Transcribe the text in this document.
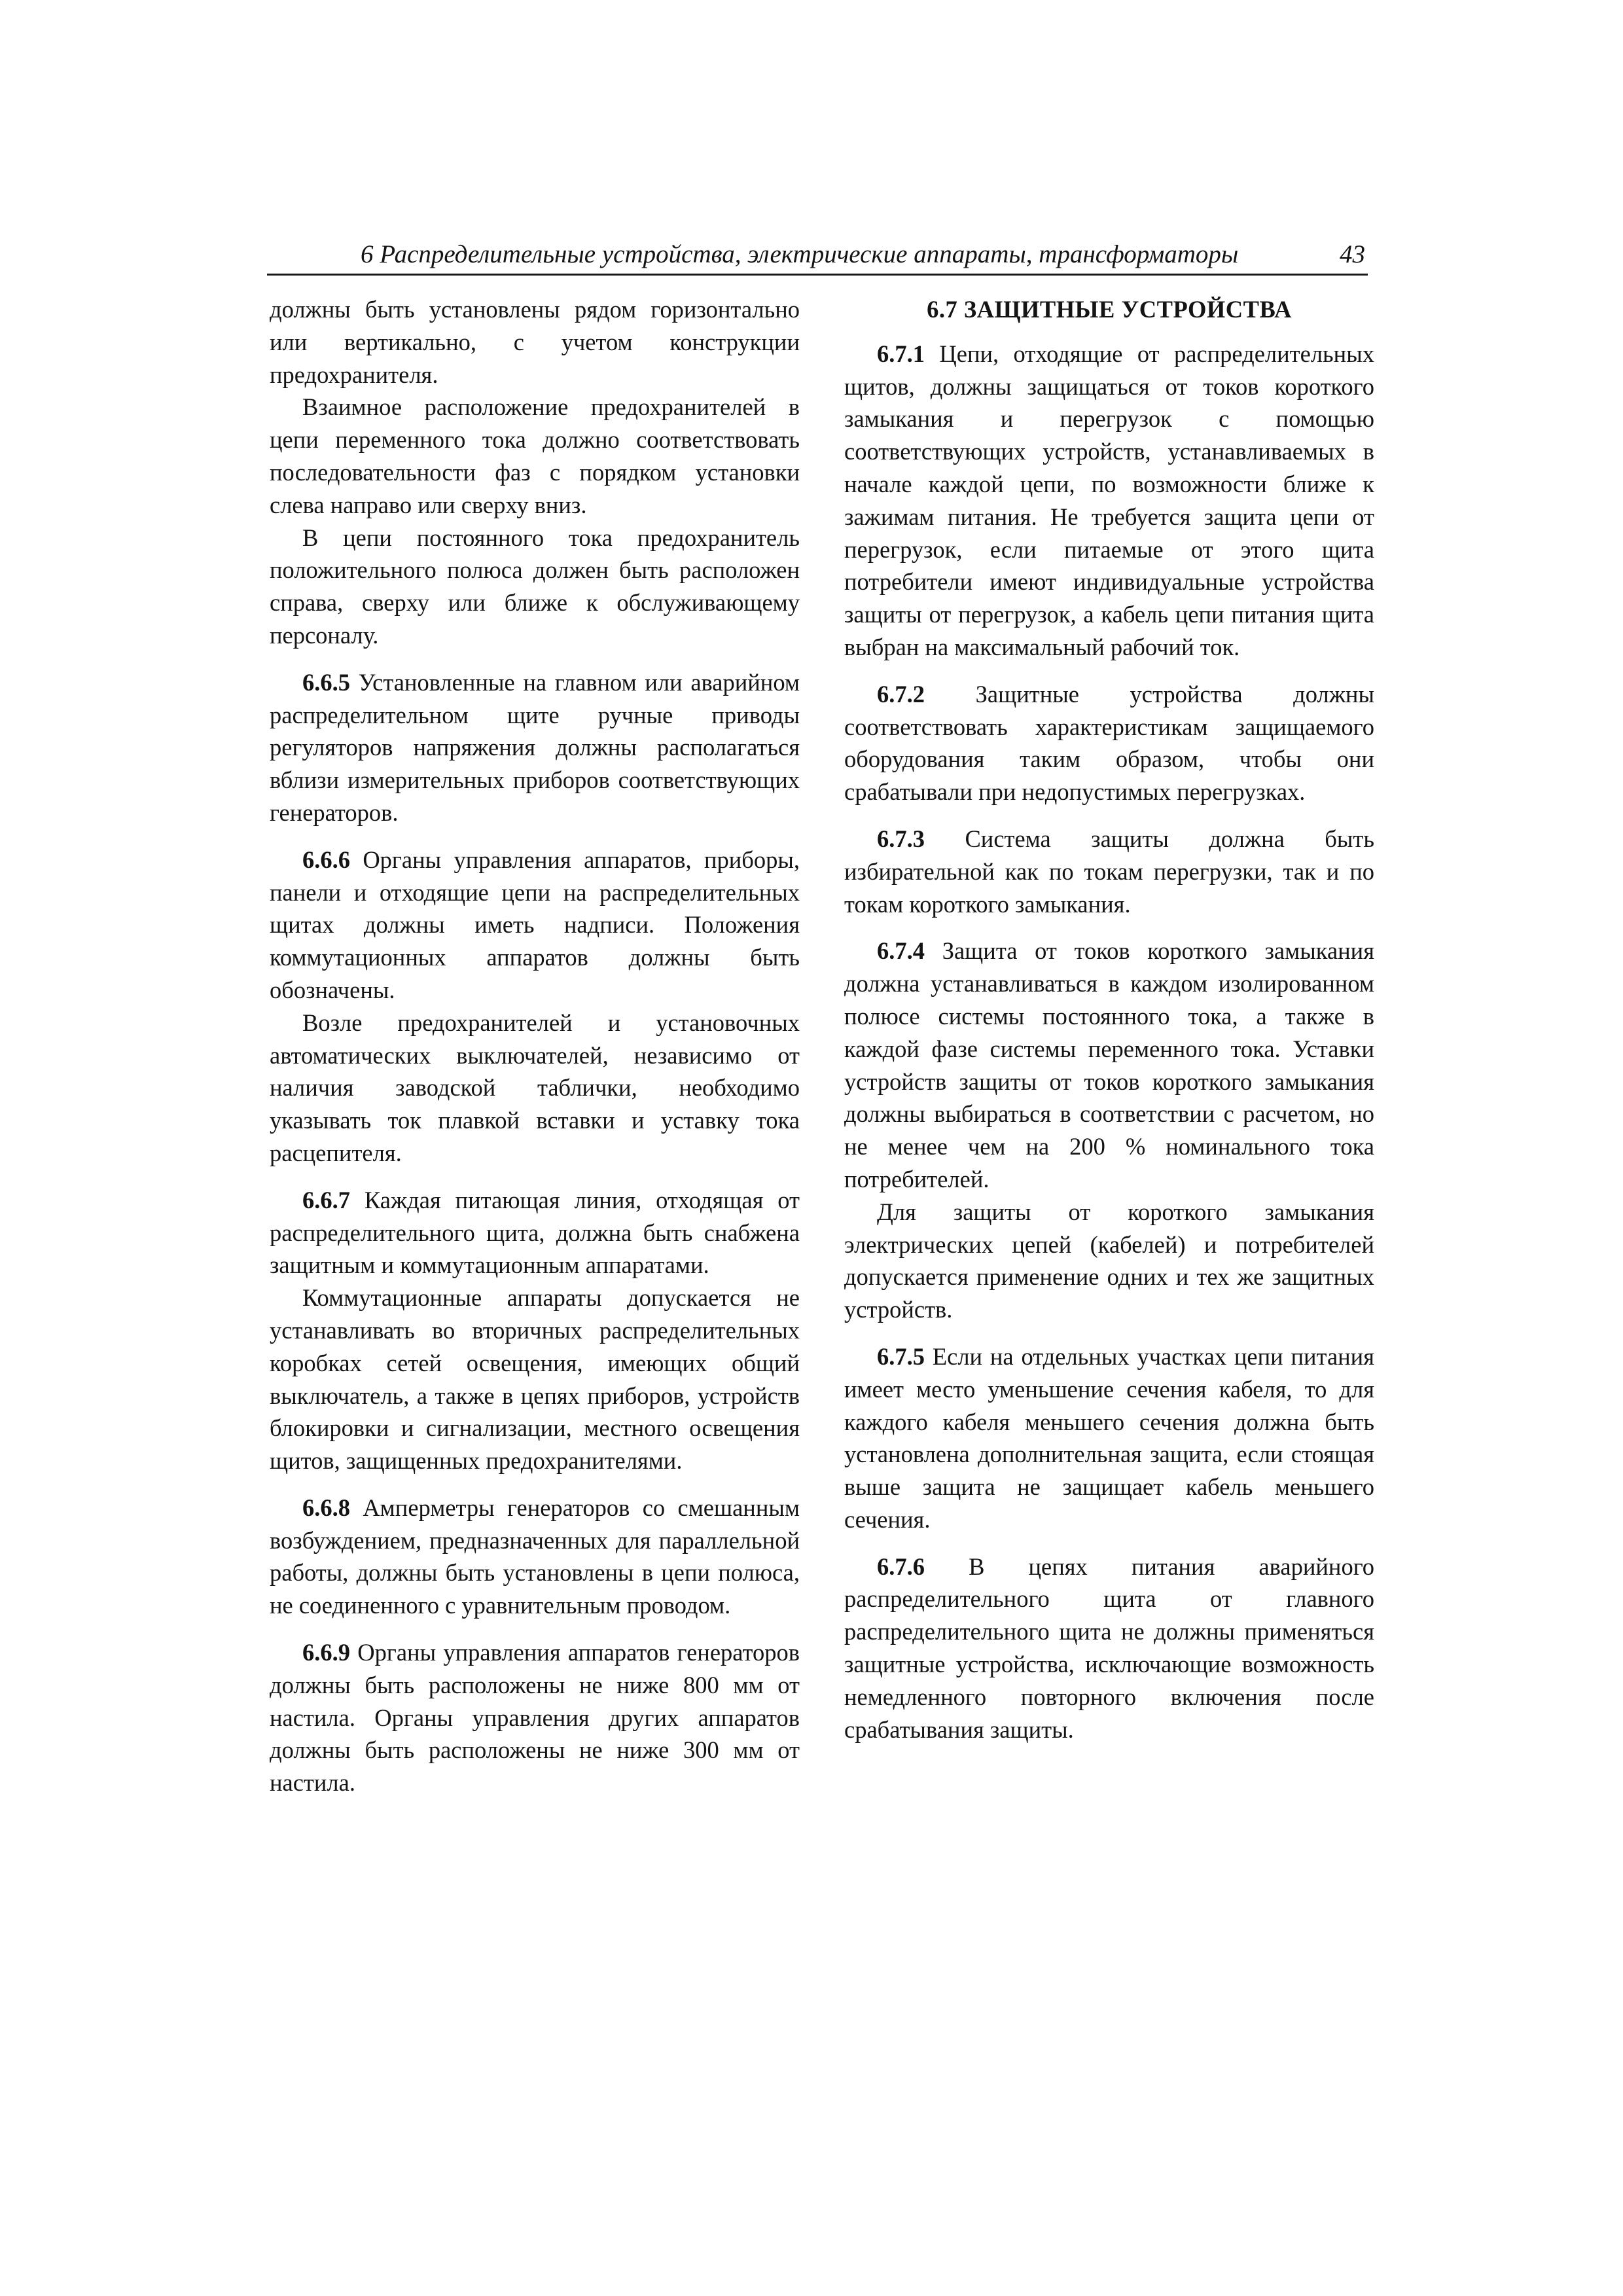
6 Распределительные устройства, электрические аппараты, трансформаторы	43

должны быть установлены рядом горизонтально или вертикально, с учетом конструкции предохранителя.

Взаимное расположение предохранителей в цепи переменного тока должно соответствовать последовательности фаз с порядком установки слева направо или сверху вниз.

В цепи постоянного тока предохранитель положительного полюса должен быть расположен справа, сверху или ближе к обслуживающему персоналу.

6.6.5 Установленные на главном или аварийном распределительном щите ручные приводы регуляторов напряжения должны располагаться вблизи измерительных приборов соответствующих генераторов.

6.6.6 Органы управления аппаратов, приборы, панели и отходящие цепи на распределительных щитах должны иметь надписи. Положения коммутационных аппаратов должны быть обозначены.

Возле предохранителей и установочных автоматических выключателей, независимо от наличия заводской таблички, необходимо указывать ток плавкой вставки и уставку тока расцепителя.

6.6.7 Каждая питающая линия, отходящая от распределительного щита, должна быть снабжена защитным и коммутационным аппаратами.

Коммутационные аппараты допускается не устанавливать во вторичных распределительных коробках сетей освещения, имеющих общий выключатель, а также в цепях приборов, устройств блокировки и сигнализации, местного освещения щитов, защищенных предохранителями.

6.6.8 Амперметры генераторов со смешанным возбуждением, предназначенных для параллельной работы, должны быть установлены в цепи полюса, не соединенного с уравнительным проводом.

6.6.9 Органы управления аппаратов генераторов должны быть расположены не ниже 800 мм от настила. Органы управления других аппаратов должны быть расположены не ниже 300 мм от настила.

6.7 ЗАЩИТНЫЕ УСТРОЙСТВА

6.7.1 Цепи, отходящие от распределительных щитов, должны защищаться от токов короткого замыкания и перегрузок с помощью соответствующих устройств, устанавливаемых в начале каждой цепи, по возможности ближе к зажимам питания. Не требуется защита цепи от перегрузок, если питаемые от этого щита потребители имеют индивидуальные устройства защиты от перегрузок, а кабель цепи питания щита выбран на максимальный рабочий ток.

6.7.2 Защитные устройства должны соответствовать характеристикам защищаемого оборудования таким образом, чтобы они срабатывали при недопустимых перегрузках.

6.7.3 Система защиты должна быть избирательной как по токам перегрузки, так и по токам короткого замыкания.

6.7.4 Защита от токов короткого замыкания должна устанавливаться в каждом изолированном полюсе системы постоянного тока, а также в каждой фазе системы переменного тока. Уставки устройств защиты от токов короткого замыкания должны выбираться в соответствии с расчетом, но не менее чем на 200 % номинального тока потребителей.

Для защиты от короткого замыкания электрических цепей (кабелей) и потребителей допускается применение одних и тех же защитных устройств.

6.7.5 Если на отдельных участках цепи питания имеет место уменьшение сечения кабеля, то для каждого кабеля меньшего сечения должна быть установлена дополнительная защита, если стоящая выше защита не защищает кабель меньшего сечения.

6.7.6 В цепях питания аварийного распределительного щита от главного распределительного щита не должны применяться защитные устройства, исключающие возможность немедленного повторного включения после срабатывания защиты.
